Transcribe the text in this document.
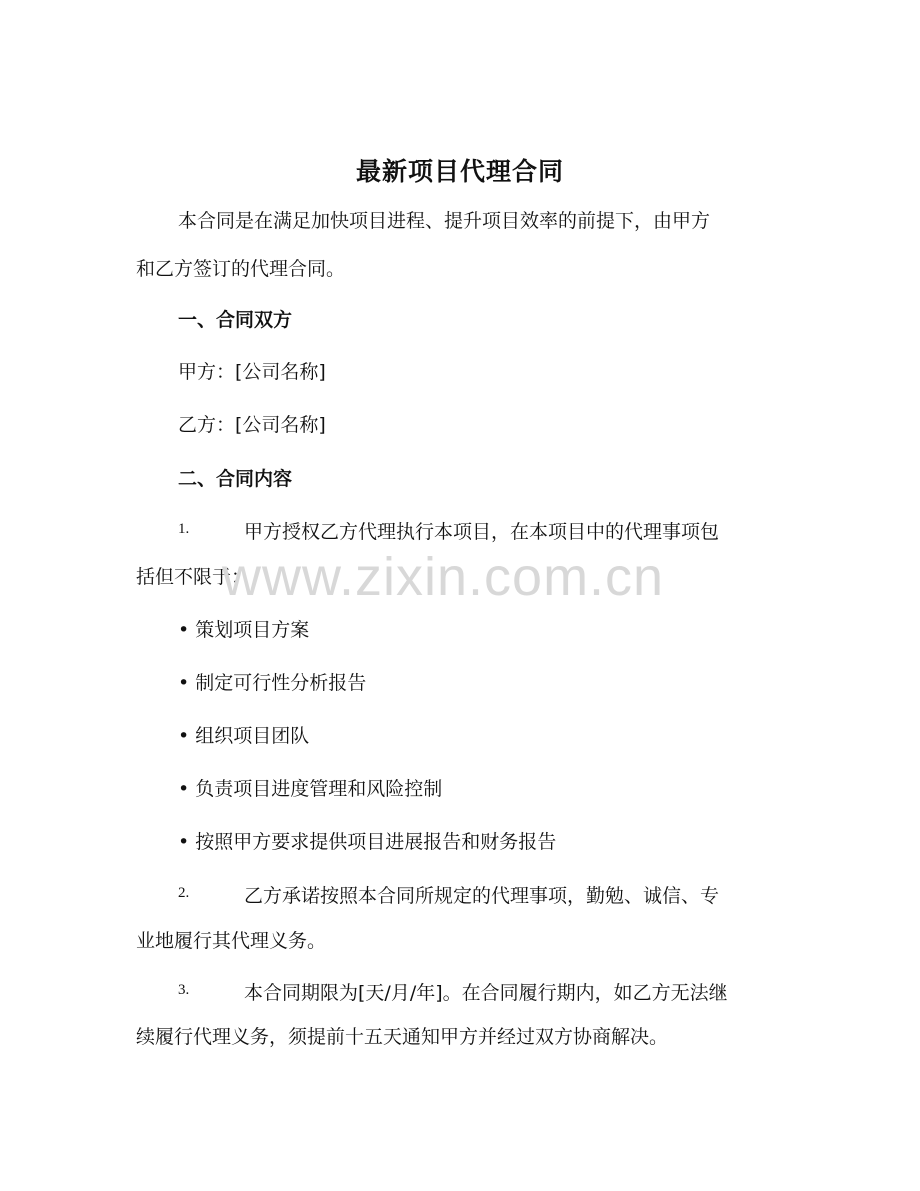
最新项目代理合同
本合同是在满足加快项目进程、提升项目效率的前提下，由甲方
和乙方签订的代理合同。
一、合同双方
甲方：[公司名称]
乙方：[公司名称]
二、合同内容
1.	甲方授权乙方代理执行本项目，在本项目中的代理事项包
括但不限于：
• 策划项目方案
• 制定可行性分析报告
• 组织项目团队
• 负责项目进度管理和风险控制
• 按照甲方要求提供项目进展报告和财务报告
2.	乙方承诺按照本合同所规定的代理事项，勤勉、诚信、专
业地履行其代理义务。
3.	本合同期限为[天/月/年]。在合同履行期内，如乙方无法继
续履行代理义务，须提前十五天通知甲方并经过双方协商解决。
www.zixin.com.cn
